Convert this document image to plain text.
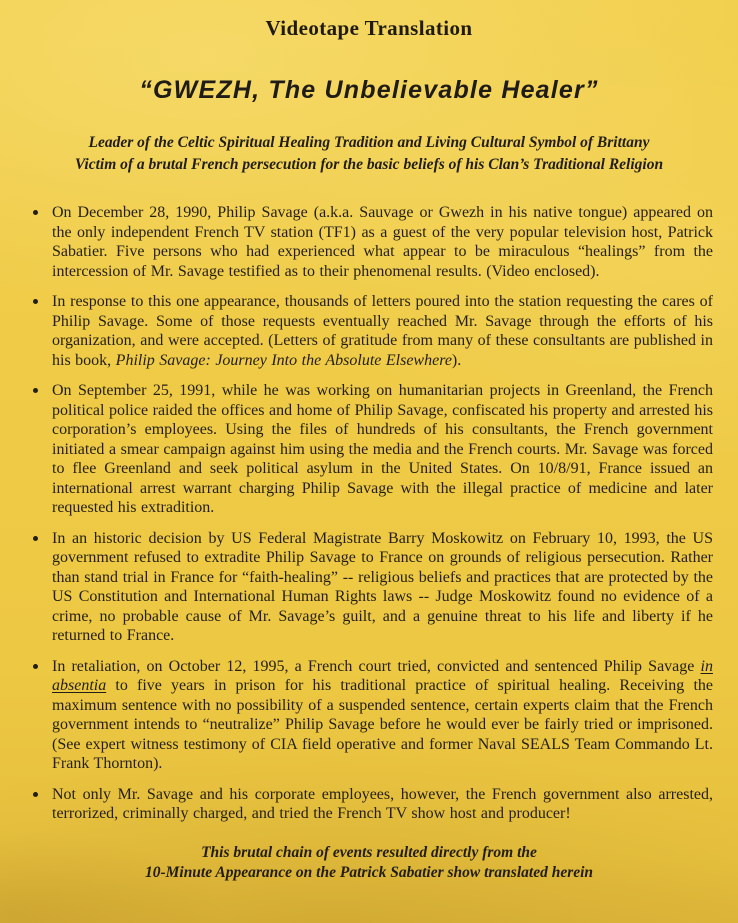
Videotape Translation
“GWEZH, The Unbelievable Healer”

Leader of the Celtic Spiritual Healing Tradition and Living Cultural Symbol of Brittany
Victim of a brutal French persecution for the basic beliefs of his Clan’s Traditional Religion

On December 28, 1990, Philip Savage (a.k.a. Sauvage or Gwezh in his native tongue) appeared on the only independent French TV station (TF1) as a guest of the very popular television host, Patrick Sabatier. Five persons who had experienced what appear to be miraculous “healings” from the intercession of Mr. Savage testified as to their phenomenal results. (Video enclosed).
In response to this one appearance, thousands of letters poured into the station requesting the cares of Philip Savage. Some of those requests eventually reached Mr. Savage through the efforts of his organization, and were accepted. (Letters of gratitude from many of these consultants are published in his book, Philip Savage: Journey Into the Absolute Elsewhere).
On September 25, 1991, while he was working on humanitarian projects in Greenland, the French political police raided the offices and home of Philip Savage, confiscated his property and arrested his corporation’s employees. Using the files of hundreds of his consultants, the French government initiated a smear campaign against him using the media and the French courts. Mr. Savage was forced to flee Greenland and seek political asylum in the United States. On 10/8/91, France issued an international arrest warrant charging Philip Savage with the illegal practice of medicine and later requested his extradition.
In an historic decision by US Federal Magistrate Barry Moskowitz on February 10, 1993, the US government refused to extradite Philip Savage to France on grounds of religious persecution. Rather than stand trial in France for “faith-healing” -- religious beliefs and practices that are protected by the US Constitution and International Human Rights laws -- Judge Moskowitz found no evidence of a crime, no probable cause of Mr. Savage’s guilt, and a genuine threat to his life and liberty if he returned to France.
In retaliation, on October 12, 1995, a French court tried, convicted and sentenced Philip Savage in absentia to five years in prison for his traditional practice of spiritual healing. Receiving the maximum sentence with no possibility of a suspended sentence, certain experts claim that the French government intends to “neutralize” Philip Savage before he would ever be fairly tried or imprisoned. (See expert witness testimony of CIA field operative and former Naval SEALS Team Commando Lt. Frank Thornton).
Not only Mr. Savage and his corporate employees, however, the French government also arrested, terrorized, criminally charged, and tried the French TV show host and producer!

This brutal chain of events resulted directly from the
10-Minute Appearance on the Patrick Sabatier show translated herein
